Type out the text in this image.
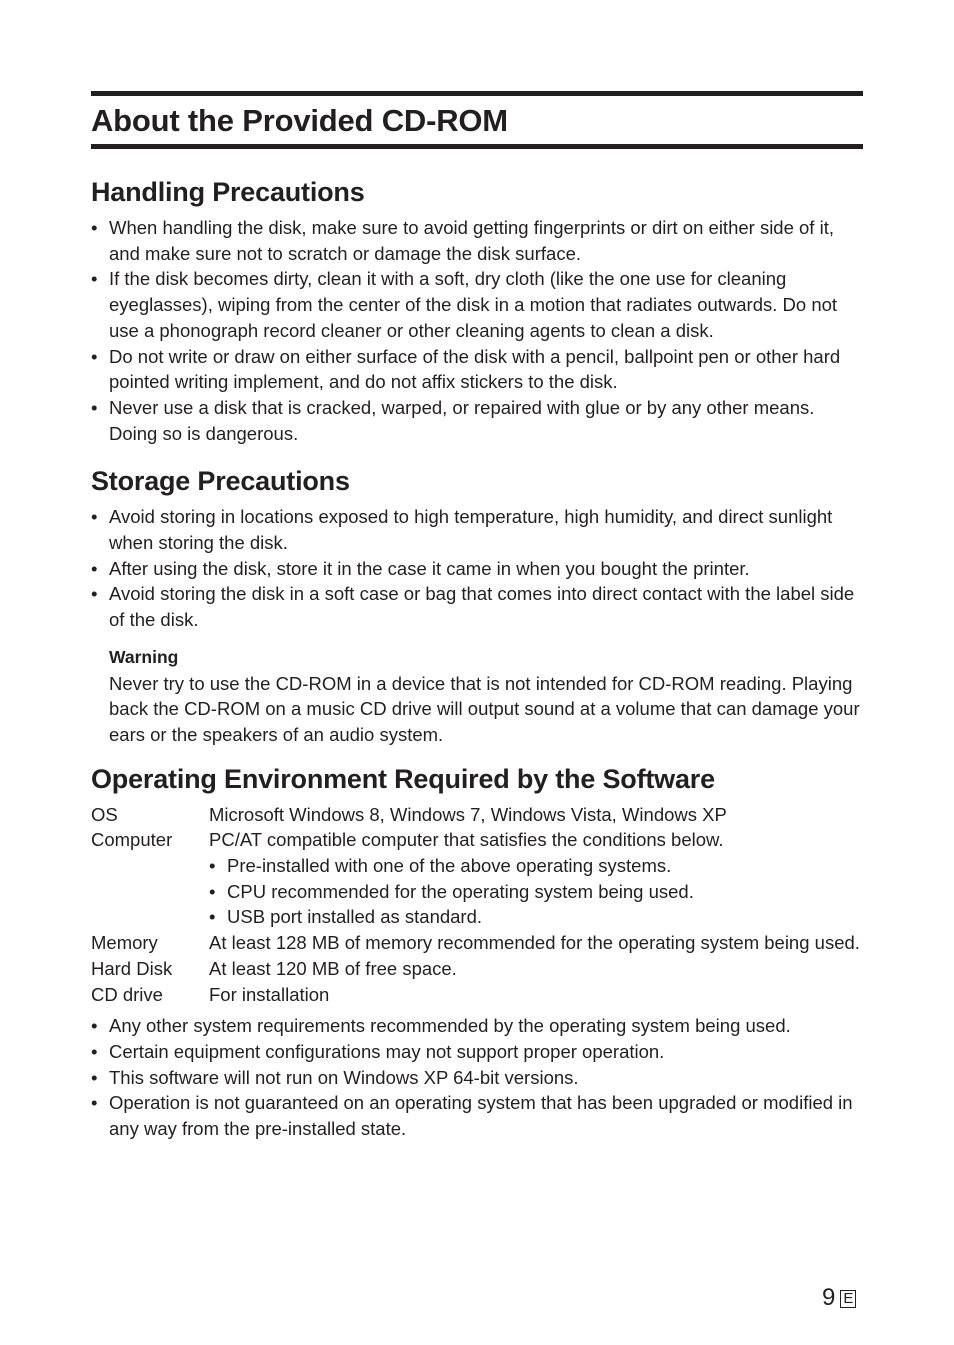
About the Provided CD-ROM
Handling Precautions
• When handling the disk, make sure to avoid getting fingerprints or dirt on either side of it, and make sure not to scratch or damage the disk surface.
• If the disk becomes dirty, clean it with a soft, dry cloth (like the one use for cleaning eyeglasses), wiping from the center of the disk in a motion that radiates outwards. Do not use a phonograph record cleaner or other cleaning agents to clean a disk.
• Do not write or draw on either surface of the disk with a pencil, ballpoint pen or other hard pointed writing implement, and do not affix stickers to the disk.
• Never use a disk that is cracked, warped, or repaired with glue or by any other means. Doing so is dangerous.
Storage Precautions
• Avoid storing in locations exposed to high temperature, high humidity, and direct sunlight when storing the disk.
• After using the disk, store it in the case it came in when you bought the printer.
• Avoid storing the disk in a soft case or bag that comes into direct contact with the label side of the disk.
Warning
Never try to use the CD-ROM in a device that is not intended for CD-ROM reading. Playing back the CD-ROM on a music CD drive will output sound at a volume that can damage your ears or the speakers of an audio system.
Operating Environment Required by the Software
OS	Microsoft Windows 8, Windows 7, Windows Vista, Windows XP
Computer	PC/AT compatible computer that satisfies the conditions below.
• Pre-installed with one of the above operating systems.
• CPU recommended for the operating system being used.
• USB port installed as standard.
Memory	At least 128 MB of memory recommended for the operating system being used.
Hard Disk	At least 120 MB of free space.
CD drive	For installation
• Any other system requirements recommended by the operating system being used.
• Certain equipment configurations may not support proper operation.
• This software will not run on Windows XP 64-bit versions.
• Operation is not guaranteed on an operating system that has been upgraded or modified in any way from the pre-installed state.
9 E
